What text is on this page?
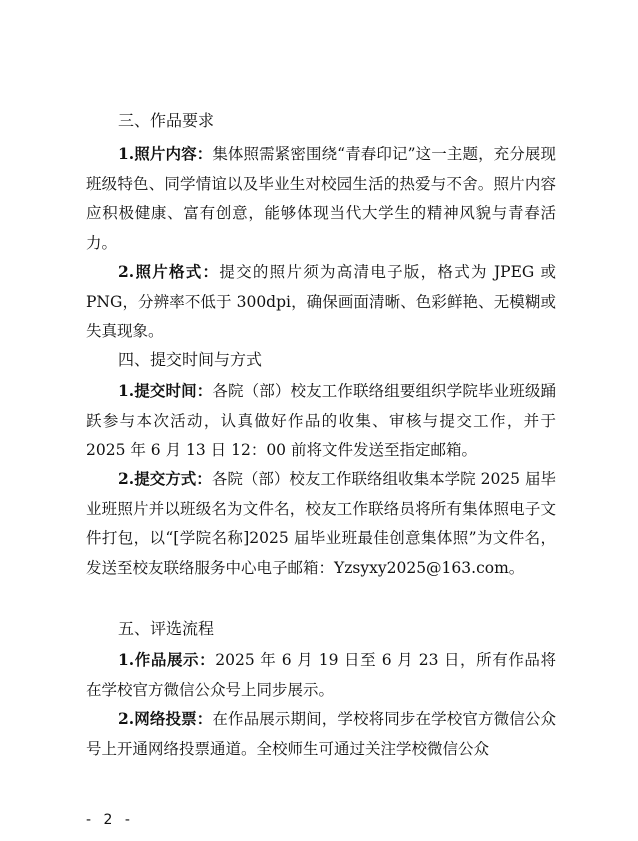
三、作品要求

1.照片内容：集体照需紧密围绕“青春印记”这一主题，充分展现班级特色、同学情谊以及毕业生对校园生活的热爱与不舍。照片内容应积极健康、富有创意，能够体现当代大学生的精神风貌与青春活力。

2.照片格式：提交的照片须为高清电子版，格式为 JPEG 或 PNG，分辨率不低于 300dpi，确保画面清晰、色彩鲜艳、无模糊或失真现象。

四、提交时间与方式

1.提交时间：各院（部）校友工作联络组要组织学院毕业班级踊跃参与本次活动，认真做好作品的收集、审核与提交工作，并于 2025 年 6 月 13 日 12：00 前将文件发送至指定邮箱。

2.提交方式：各院（部）校友工作联络组收集本学院 2025 届毕业班照片并以班级名为文件名，校友工作联络员将所有集体照电子文件打包，以“[学院名称]2025 届毕业班最佳创意集体照”为文件名，发送至校友联络服务中心电子邮箱：Yzsyxy2025@163.com。

五、评选流程

1.作品展示：2025 年 6 月 19 日至 6 月 23 日，所有作品将在学校官方微信公众号上同步展示。

2.网络投票：在作品展示期间，学校将同步在学校官方微信公众号上开通网络投票通道。全校师生可通过关注学校微信公众

- 2 -
